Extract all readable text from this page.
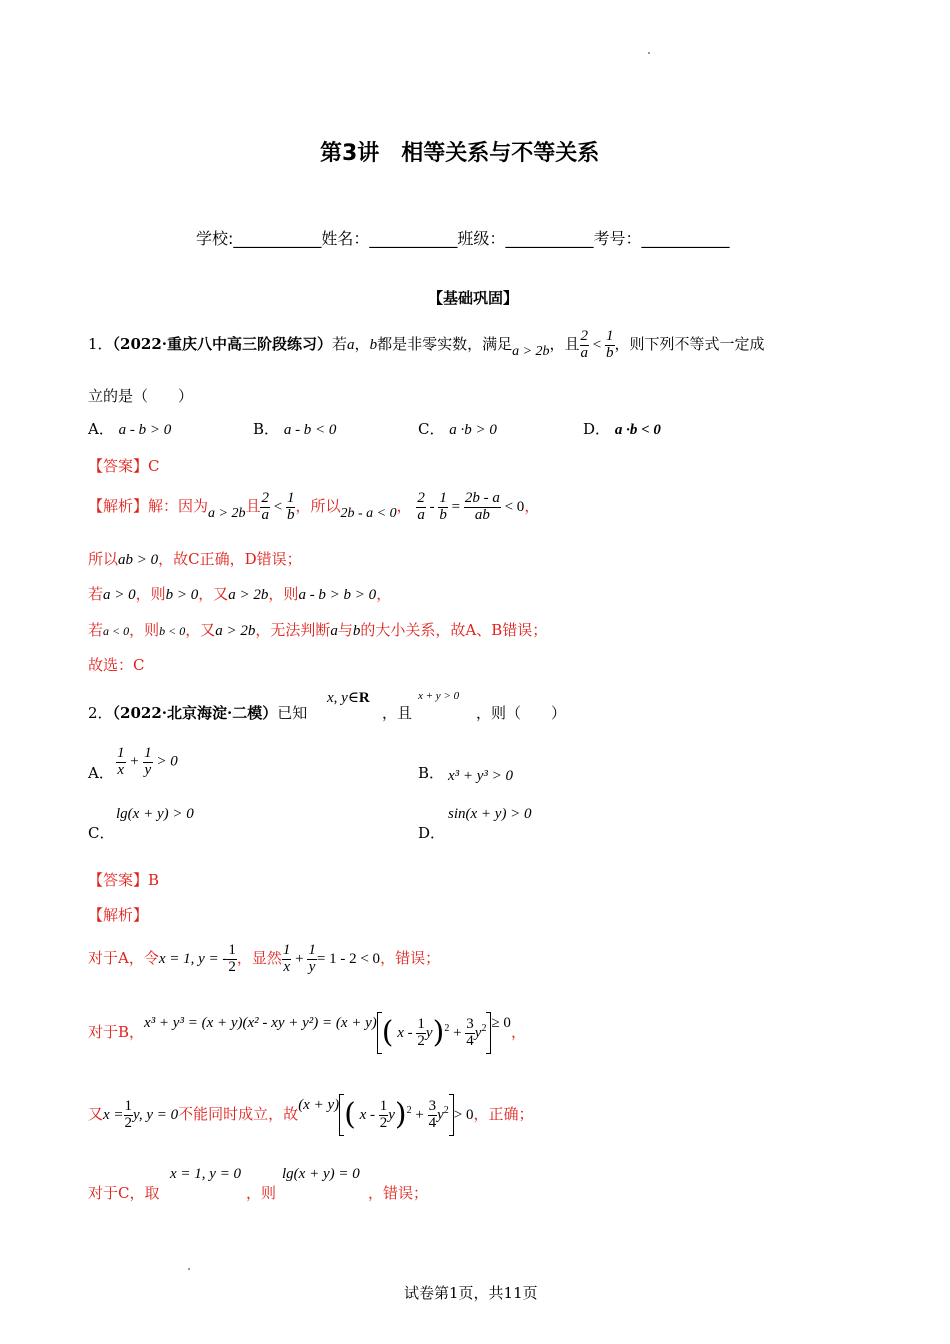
第3讲　相等关系与不等关系
学校:___________姓名：___________班级：___________考号：___________
【基础巩固】
1．（2022·重庆八中高三阶段练习）若a，b都是非零实数，满足a > 2b，且 $\frac{2}{a} < \frac{1}{b}$ ，则下列不等式一定成
立的是（　　）
A． a - b > 0	B． a - b < 0	C． a ·b > 0	D． a ·b < 0
【答案】C
【解析】解：因为a > 2b且 $\frac{2}{a} < \frac{1}{b}$ ，所以2b - a < 0， $\frac{2}{a} - \frac{1}{b} = \frac{2b - a}{ab} < 0$，
所以ab > 0，故C正确，D错误；
若a > 0，则b > 0，又a > 2b，则a - b > b > 0，
若a < 0，则b < 0，又a > 2b，无法判断a与b的大小关系，故A、B错误；
故选：C
2．（2022·北京海淀·二模）已知
x, y∈R
，且
x + y > 0
，则（　　）
A． $\frac{1}{x} + \frac{1}{y} > 0$
B． x³ + y³ > 0
C．
lg(x + y) > 0
D．
sin(x + y) > 0
【答案】B
【解析】
对于A，令x = 1, y = - $\frac{1}{2}$ ，显然 $\frac{1}{x} + \frac{1}{y} = 1 - 2 < 0$，错误；
对于B，x³ + y³ = (x + y)(x² - xy + y²) = (x + y) ( $x - \frac{1}{2} y)^2 + \frac{3}{4} y^2 \ge 0$，
又$x = \frac{1}{2} y$, y = 0不能同时成立，故(x + y) ( $x - \frac{1}{2} y)^2 + \frac{3}{4} y^2 > 0$，正确；
对于C，取
x = 1, y = 0
，则
lg(x + y) = 0
，错误；
试卷第1页，共11页
